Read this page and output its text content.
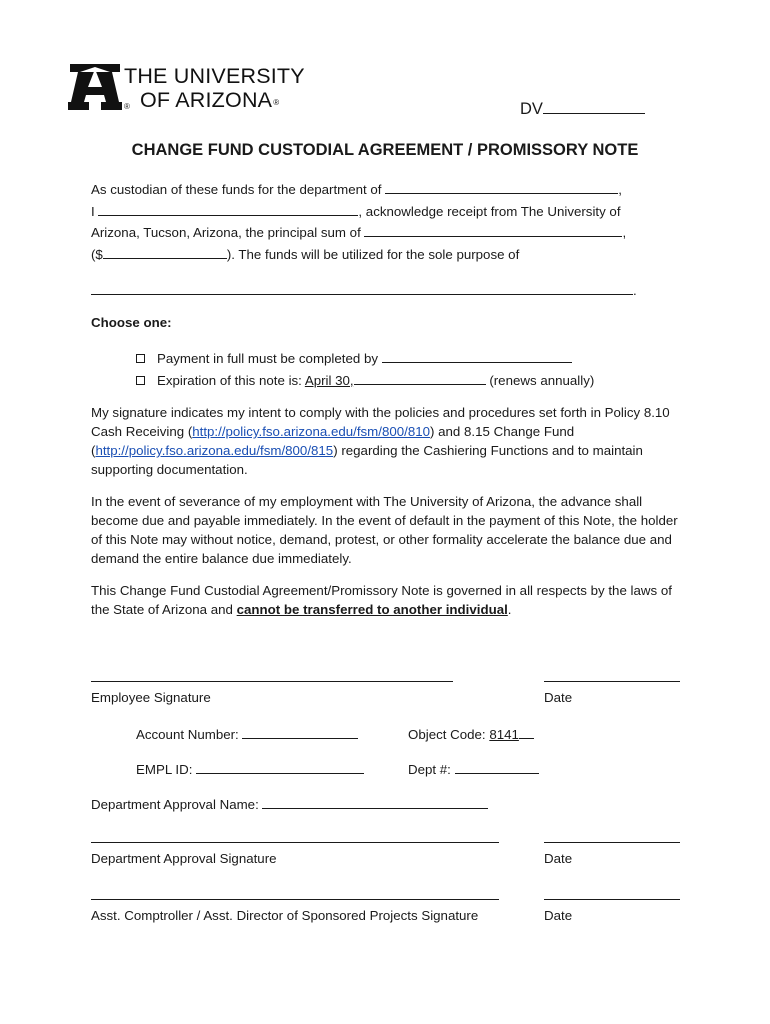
THE UNIVERSITY
OF ARIZONA®
®	DV
CHANGE FUND CUSTODIAL AGREEMENT / PROMISSORY NOTE
As custodian of these funds for the department of	,
I	, acknowledge receipt from The University of
Arizona, Tucson, Arizona, the principal sum of	,
($	). The funds will be utilized for the sole purpose of
.
Choose one:
Payment in full must be completed by
Expiration of this note is: April 30,	(renews annually)

My signature indicates my intent to comply with the policies and procedures set forth in Policy 8.10 Cash Receiving (http://policy.fso.arizona.edu/fsm/800/810) and 8.15 Change Fund (http://policy.fso.arizona.edu/fsm/800/815) regarding the Cashiering Functions and to maintain supporting documentation.

In the event of severance of my employment with The University of Arizona, the advance shall become due and payable immediately. In the event of default in the payment of this Note, the holder of this Note may without notice, demand, protest, or other formality accelerate the balance due and demand the entire balance due immediately.
This Change Fund Custodial Agreement/Promissory Note is governed in all respects by the laws of the State of Arizona and cannot be transferred to another individual.
Employee Signature	Date
Account Number:	Object Code: 8141
EMPL ID:	Dept #:
Department Approval Name:
Department Approval Signature	Date
Asst. Comptroller / Asst. Director of Sponsored Projects Signature	Date
